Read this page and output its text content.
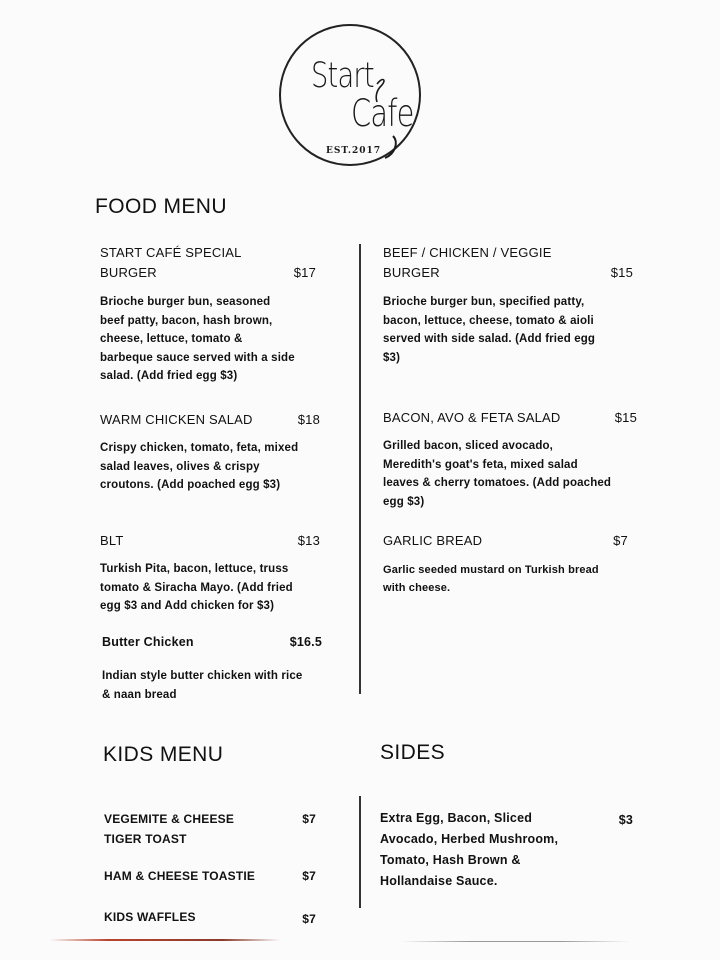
Start
Cafe
EST.2017
FOOD MENU
START CAFÉ SPECIAL
BURGER	$17
Brioche burger bun, seasoned
beef patty, bacon, hash brown,
cheese, lettuce, tomato &
barbeque sauce served with a side
salad. (Add fried egg $3)
WARM CHICKEN SALAD	$18
Crispy chicken, tomato, feta, mixed
salad leaves, olives & crispy
croutons. (Add poached egg $3)
BLT	$13
Turkish Pita, bacon, lettuce, truss
tomato & Siracha Mayo. (Add fried
egg $3 and Add chicken for $3)
Butter Chicken	$16.5
Indian style butter chicken with rice
& naan bread
BEEF / CHICKEN / VEGGIE
BURGER	$15
Brioche burger bun, specified patty,
bacon, lettuce, cheese, tomato & aioli
served with side salad. (Add fried egg
$3)
BACON, AVO & FETA SALAD	$15
Grilled bacon, sliced avocado,
Meredith's goat's feta, mixed salad
leaves & cherry tomatoes. (Add poached
egg $3)
GARLIC BREAD	$7
Garlic seeded mustard on Turkish bread
with cheese.
KIDS MENU
VEGEMITE & CHEESE
TIGER TOAST
$7
HAM & CHEESE TOASTIE	$7
KIDS WAFFLES	$7
SIDES
Extra Egg, Bacon, Sliced
Avocado, Herbed Mushroom,
Tomato, Hash Brown &
Hollandaise Sauce.
$3
